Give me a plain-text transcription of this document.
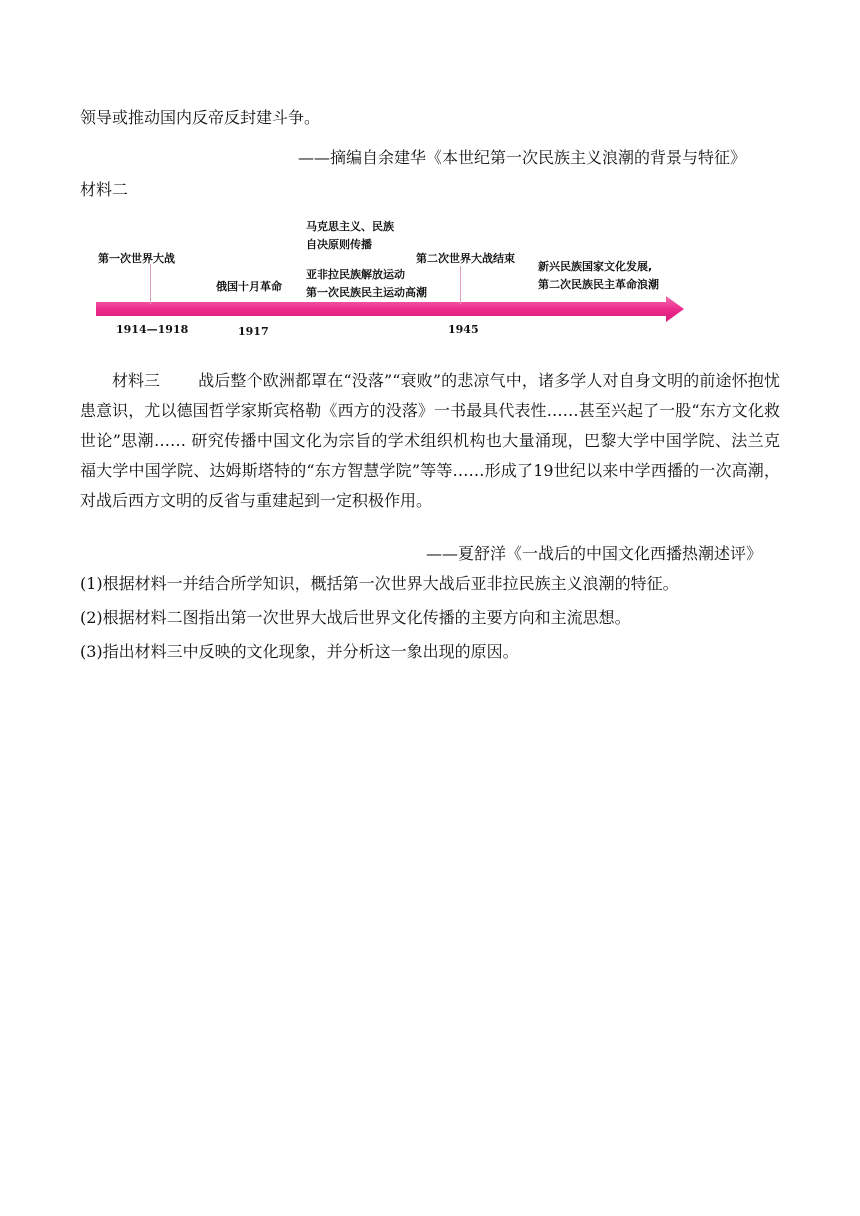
领导或推动国内反帝反封建斗争。
——摘编自余建华《本世纪第一次民族主义浪潮的背景与特征》
材料二
第一次世界大战
俄国十月革命
马克思主义、民族
自决原则传播
亚非拉民族解放运动
第一次民族民主运动高潮
第二次世界大战结束
新兴民族国家文化发展,
第二次民族民主革命浪潮
1914—1918	1917	1945
材料三 战后整个欧洲都罩在“没落”“衰败”的悲凉气中，诸多学人对自身文明的前途怀抱忧患意识，尤以德国哲学家斯宾格勒《西方的没落》一书最具代表性……甚至兴起了一股“东方文化救世论”思潮…… 研究传播中国文化为宗旨的学术组织机构也大量涌现，巴黎大学中国学院、法兰克福大学中国学院、达姆斯塔特的“东方智慧学院”等等……形成了19世纪以来中学西播的一次高潮，对战后西方文明的反省与重建起到一定积极作用。
——夏舒洋《一战后的中国文化西播热潮述评》
(1)根据材料一并结合所学知识，概括第一次世界大战后亚非拉民族主义浪潮的特征。
(2)根据材料二图指出第一次世界大战后世界文化传播的主要方向和主流思想。
(3)指出材料三中反映的文化现象，并分析这一象出现的原因。
